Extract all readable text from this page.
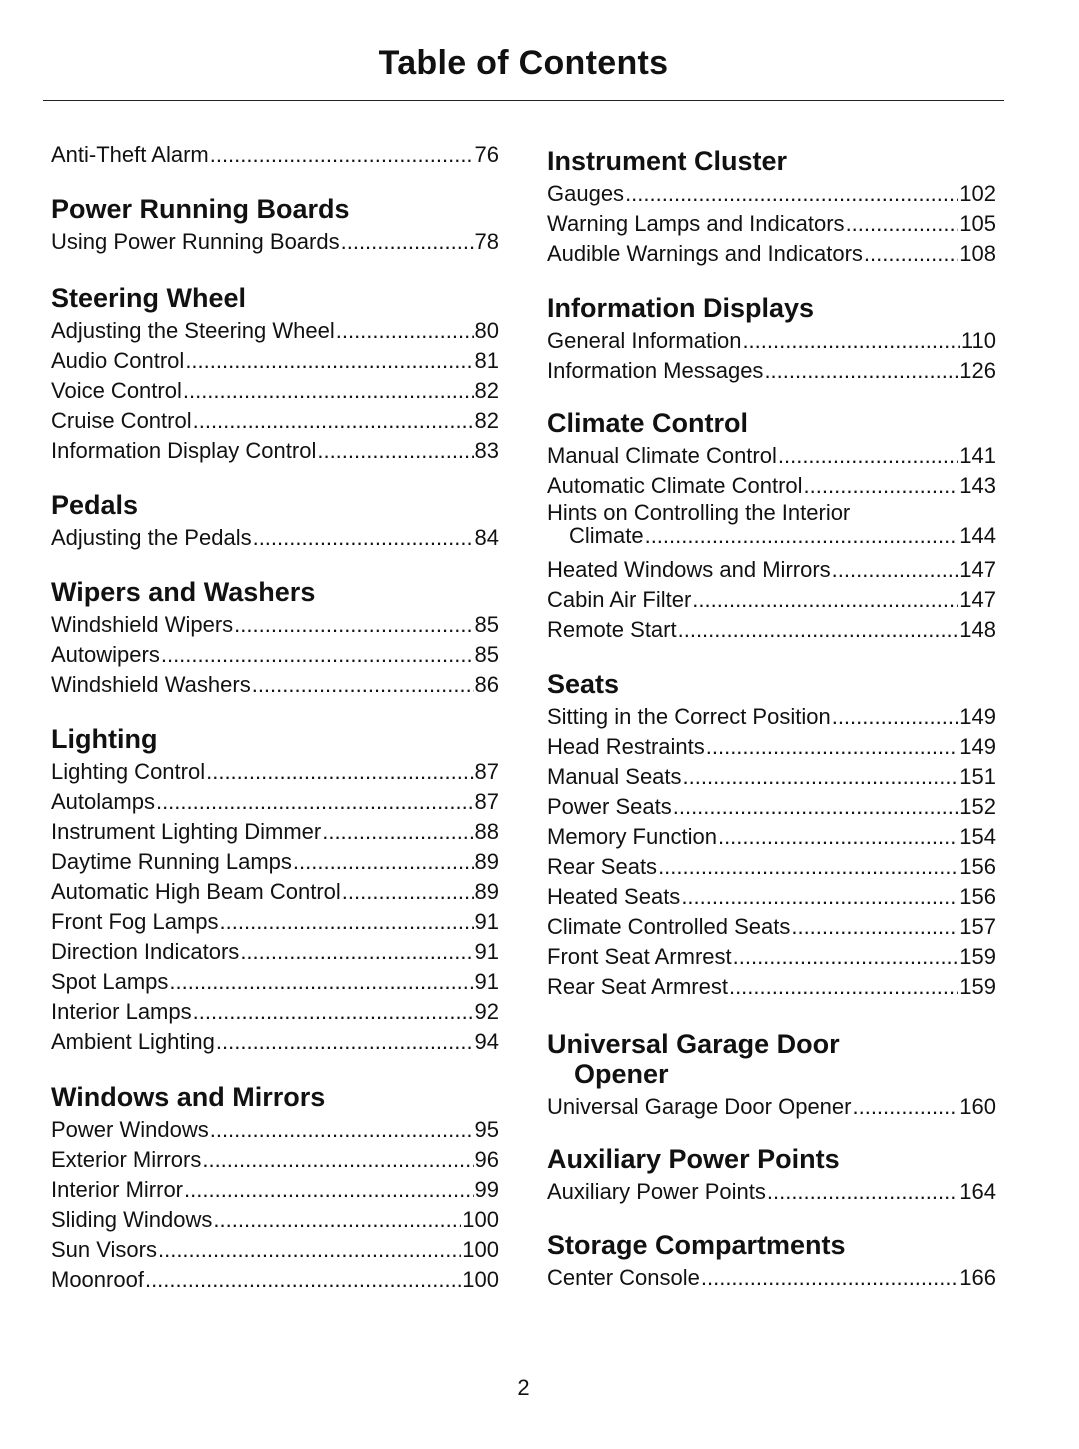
Table of Contents
Anti-Theft Alarm .....	76
Power Running Boards
Using Power Running Boards .....	78
Steering Wheel
Adjusting the Steering Wheel .....	80
Audio Control .....	81
Voice Control .....	82
Cruise Control .....	82
Information Display Control .....	83
Pedals
Adjusting the Pedals .....	84
Wipers and Washers
Windshield Wipers .....	85
Autowipers .....	85
Windshield Washers .....	86
Lighting
Lighting Control .....	87
Autolamps .....	87
Instrument Lighting Dimmer .....	88
Daytime Running Lamps .....	89
Automatic High Beam Control .....	89
Front Fog Lamps .....	91
Direction Indicators .....	91
Spot Lamps .....	91
Interior Lamps .....	92
Ambient Lighting .....	94
Windows and Mirrors
Power Windows .....	95
Exterior Mirrors .....	96
Interior Mirror .....	99
Sliding Windows .....	100
Sun Visors .....	100
Moonroof .....	100
Instrument Cluster
Gauges .....	102
Warning Lamps and Indicators .....	105
Audible Warnings and Indicators .....	108
Information Displays
General Information .....	110
Information Messages .....	126
Climate Control
Manual Climate Control .....	141
Automatic Climate Control .....	143
Hints on Controlling the Interior
Climate .....	144
Heated Windows and Mirrors .....	147
Cabin Air Filter .....	147
Remote Start .....	148
Seats
Sitting in the Correct Position .....	149
Head Restraints .....	149
Manual Seats .....	151
Power Seats .....	152
Memory Function .....	154
Rear Seats .....	156
Heated Seats .....	156
Climate Controlled Seats .....	157
Front Seat Armrest .....	159
Rear Seat Armrest .....	159
Universal Garage Door
Opener
Universal Garage Door Opener .....	160
Auxiliary Power Points
Auxiliary Power Points .....	164
Storage Compartments
Center Console .....	166
2
